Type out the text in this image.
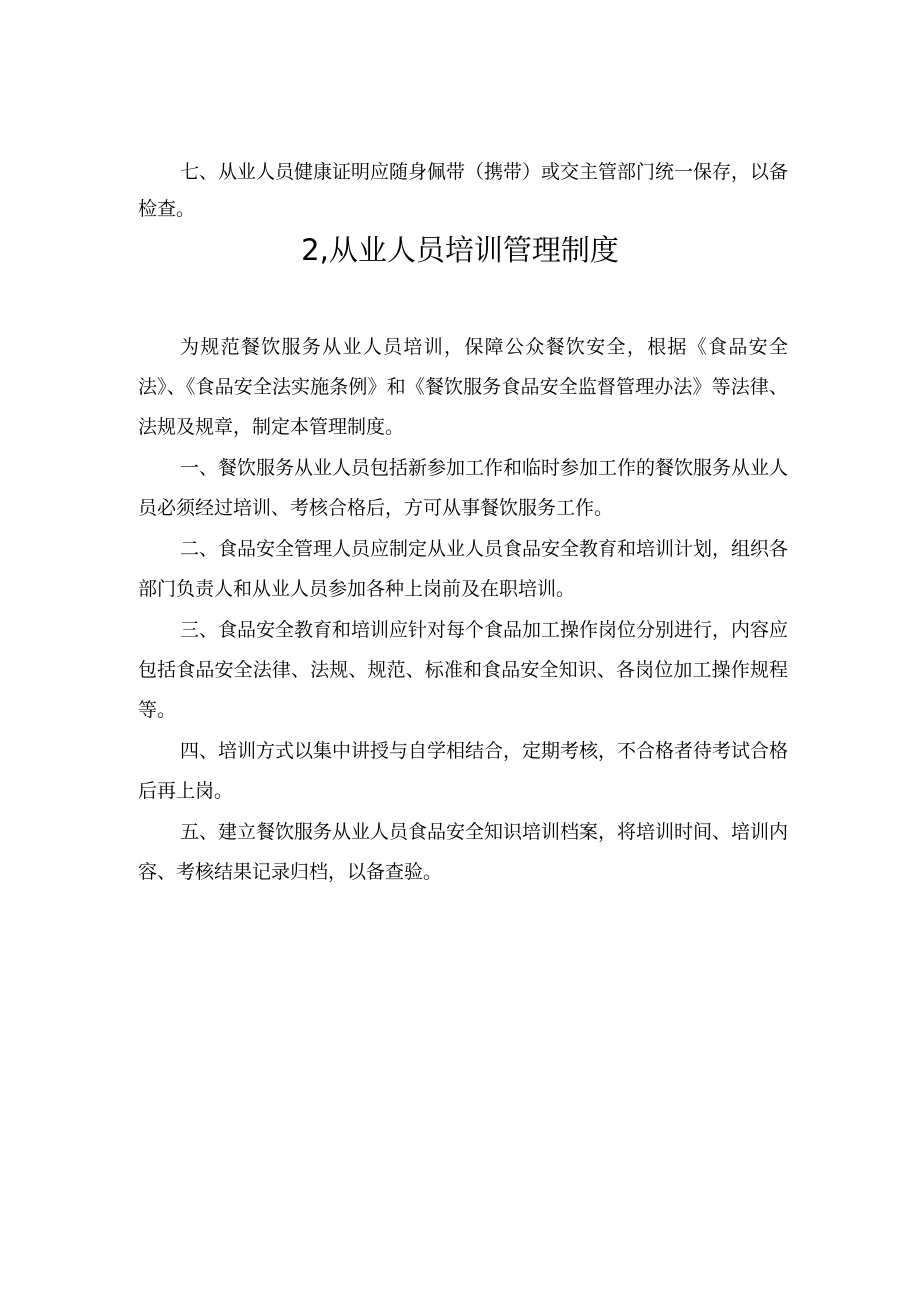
七、从业人员健康证明应随身佩带（携带）或交主管部门统一保存，以备检查。

2,从业人员培训管理制度

为规范餐饮服务从业人员培训，保障公众餐饮安全，根据《食品安全法》、《食品安全法实施条例》和《餐饮服务食品安全监督管理办法》等法律、法规及规章，制定本管理制度。

一、餐饮服务从业人员包括新参加工作和临时参加工作的餐饮服务从业人员必须经过培训、考核合格后，方可从事餐饮服务工作。

二、食品安全管理人员应制定从业人员食品安全教育和培训计划，组织各部门负责人和从业人员参加各种上岗前及在职培训。

三、食品安全教育和培训应针对每个食品加工操作岗位分别进行，内容应包括食品安全法律、法规、规范、标准和食品安全知识、各岗位加工操作规程等。

四、培训方式以集中讲授与自学相结合，定期考核，不合格者待考试合格后再上岗。

五、建立餐饮服务从业人员食品安全知识培训档案，将培训时间、培训内容、考核结果记录归档，以备查验。
